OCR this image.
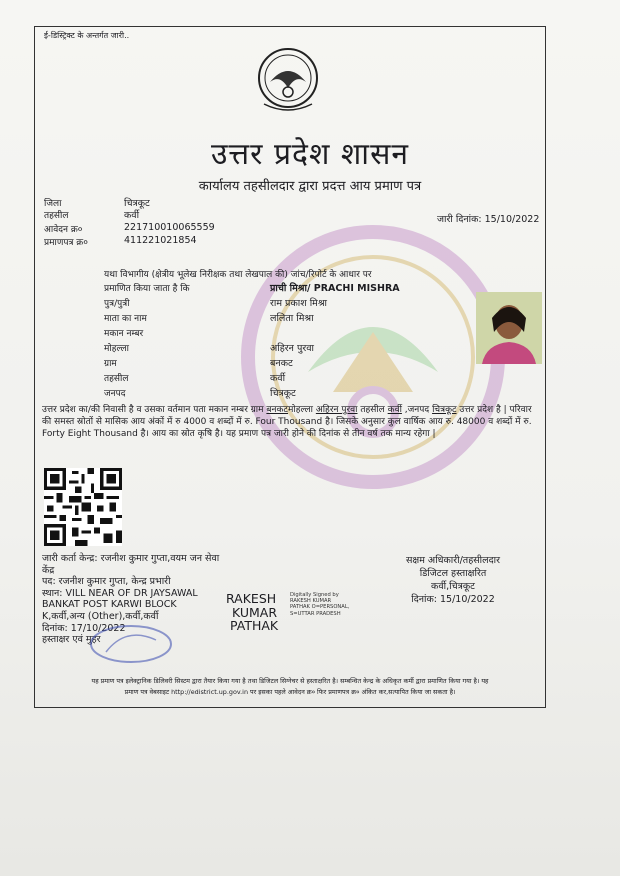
ई-डिस्ट्रिक्ट के अन्तर्गत जारी..
उत्तर प्रदेश शासन
कार्यालय तहसीलदार द्वारा प्रदत्त आय प्रमाण पत्र
जिला	चित्रकूट
तहसील	कर्वी
आवेदन क्र०	221710010065559
प्रमाणपत्र क्र०	411221021854
जारी दिनांक: 15/10/2022
यथा विभागीय (क्षेत्रीय भूलेख निरीक्षक तथा लेखपाल की) जांच/रिपोर्ट के आधार पर
प्रमाणित किया जाता है कि	प्राची मिश्रा/ PRACHI MISHRA
पुत्र/पुत्री	राम प्रकाश मिश्रा
माता का नाम	ललिता मिश्रा
मकान नम्बर
मोहल्ला	अहिरन पुरवा
ग्राम	बनकट
तहसील	कर्वी
जनपद	चित्रकूट
उत्तर प्रदेश का/की निवासी है व उसका वर्तमान पता मकान नम्बर ग्राम बनकटमोहल्ला अहिरन पुरवा तहसील कर्वी ,जनपद चित्रकूट उत्तर प्रदेश है | परिवार की समस्त स्रोतों से मासिक आय अंकों में रु 4000 व शब्दों में रु. Four Thousand है। जिसके अनुसार कुल वार्षिक आय रु. 48000 व शब्दों में रु. Forty Eight Thousand है। आय का स्रोत कृषि है। यह प्रमाण पत्र जारी होने की दिनांक से तीन वर्ष तक मान्य रहेगा |
जारी कर्ता केन्द्र: रजनीश कुमार गुप्ता,वयम जन सेवा केंद्र
पद: रजनीश कुमार गुप्ता, केन्द्र प्रभारी
स्थान: VILL NEAR OF DR JAYSAWAL BANKAT POST KARWI BLOCK K,कर्वी,अन्य (Other),कर्वी,कर्वी
दिनांक: 17/10/2022
हस्ताक्षर एवं मुहर
RAKESH
KUMAR
PATHAK
Digitally Signed by
RAKESH KUMAR
PATHAK O=PERSONAL,
S=UTTAR PRADESH
सक्षम अधिकारी/तहसीलदार
डिजिटल हस्ताक्षरित
कर्वी,चित्रकूट
दिनांक: 15/10/2022
यह प्रमाण पत्र इलेक्ट्रानिक डिलिवरी सिस्टम द्वारा तैयार किया गया है तथा डिजिटल सिग्नेचर से हस्ताक्षरित है। सम्बन्धित केन्द्र के अधिकृत कर्मी द्वारा प्रमाणित किया गया है। यह
प्रमाण पत्र वेबसाइट http://edistrict.up.gov.in पर इसका पहले आवेदन क्र० फिर प्रमाणपत्र क्र० अंकित कर,सत्यापित किया जा सकता है।
